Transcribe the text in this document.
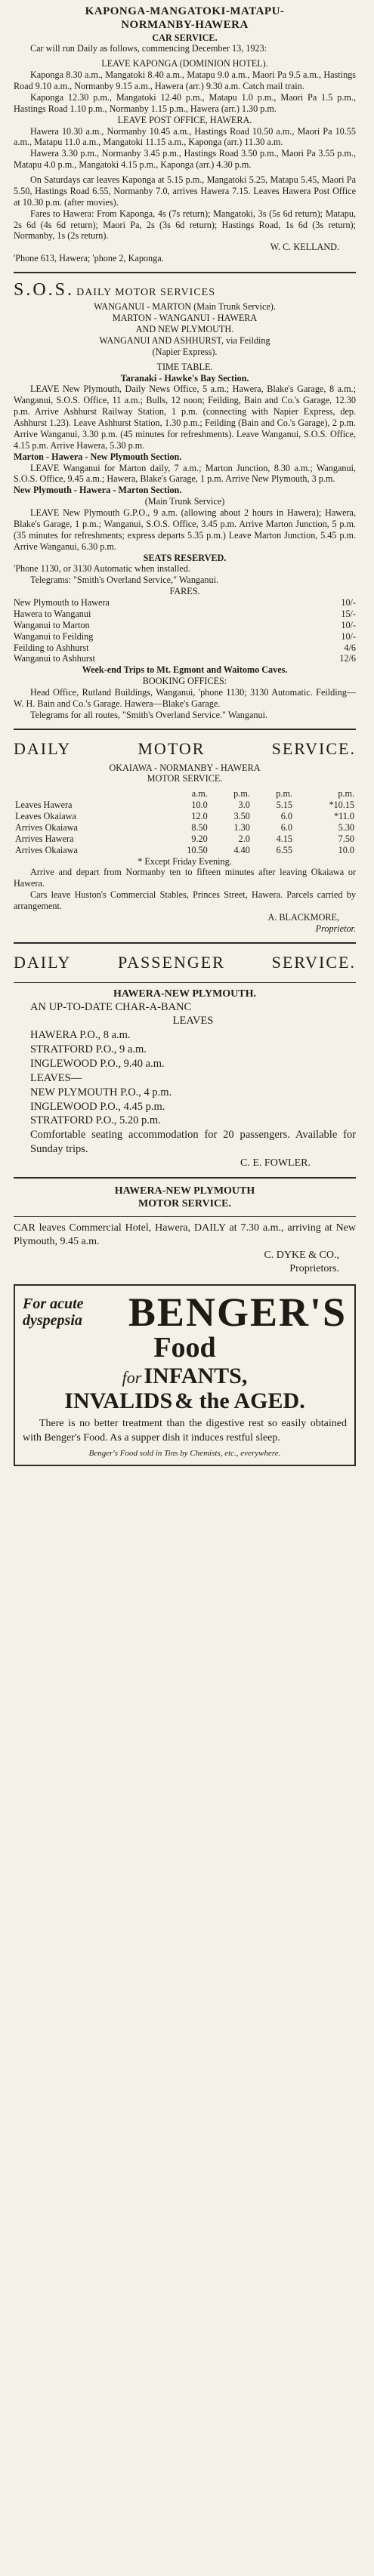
KAPONGA-MANGATOKI-MATAPU-
NORMANBY-HAWERA
CAR SERVICE.

Car will run Daily as follows, commencing December 13, 1923:

LEAVE KAPONGA (DOMINION HOTEL).

Kaponga 8.30 a.m., Mangatoki 8.40 a.m., Matapu 9.0 a.m., Maori Pa 9.5 a.m., Hastings Road 9.10 a.m., Normanby 9.15 a.m., Hawera (arr.) 9.30 a.m. Catch mail train.

Kaponga 12.30 p.m., Mangatoki 12.40 p.m., Matapu 1.0 p.m., Maori Pa 1.5 p.m., Hastings Road 1.10 p.m., Normanby 1.15 p.m., Hawera (arr.) 1.30 p.m.

LEAVE POST OFFICE, HAWERA.

Hawera 10.30 a.m., Normanby 10.45 a.m., Hastings Road 10.50 a.m., Maori Pa 10.55 a.m., Matapu 11.0 a.m., Mangatoki 11.15 a.m., Kaponga (arr.) 11.30 a.m.

Hawera 3.30 p.m., Normanby 3.45 p.m., Hastings Road 3.50 p.m., Maori Pa 3.55 p.m., Matapu 4.0 p.m., Mangatoki 4.15 p.m., Kaponga (arr.) 4.30 p.m.

On Saturdays car leaves Kaponga at 5.15 p.m., Mangatoki 5.25, Matapu 5.45, Maori Pa 5.50, Hastings Road 6.55, Normanby 7.0, arrives Hawera 7.15. Leaves Hawera Post Office at 10.30 p.m. (after movies).

Fares to Hawera: From Kaponga, 4s (7s return); Mangatoki, 3s (5s 6d return); Matapu, 2s 6d (4s 6d return); Maori Pa, 2s (3s 6d return); Hastings Road, 1s 6d (3s return); Normanby, 1s (2s return).

W. C. KELLAND.
'Phone 613, Hawera; 'phone 2, Kaponga.
S.O.S. DAILY MOTOR SERVICES
WANGANUI - MARTON (Main Trunk Service).
MARTON - WANGANUI - HAWERA
AND NEW PLYMOUTH.
WANGANUI AND ASHHURST, via Feilding
(Napier Express).
TIME TABLE.
Taranaki - Hawke's Bay Section.

LEAVE New Plymouth, Daily News Office, 5 a.m.; Hawera, Blake's Garage, 8 a.m.; Wanganui, S.O.S. Office, 11 a.m.; Bulls, 12 noon; Feilding, Bain and Co.'s Garage, 12.30 p.m. Arrive Ashhurst Railway Station, 1 p.m. (connecting with Napier Express, dep. Ashhurst 1.23). Leave Ashhurst Station, 1.30 p.m.; Feilding (Bain and Co.'s Garage), 2 p.m. Arrive Wanganui, 3.30 p.m. (45 minutes for refreshments). Leave Wanganui, S.O.S. Office, 4.15 p.m. Arrive Hawera, 5.30 p.m.

Marton - Hawera - New Plymouth Section.

LEAVE Wanganui for Marton daily, 7 a.m.; Marton Junction, 8.30 a.m.; Wanganui, S.O.S. Office, 9.45 a.m.; Hawera, Blake's Garage, 1 p.m. Arrive New Plymouth, 3 p.m.

New Plymouth - Hawera - Marton Section.
(Main Trunk Service)

LEAVE New Plymouth G.P.O., 9 a.m. (allowing about 2 hours in Hawera); Hawera, Blake's Garage, 1 p.m.; Wanganui, S.O.S. Office, 3.45 p.m. Arrive Marton Junction, 5 p.m. (35 minutes for refreshments; express departs 5.35 p.m.) Leave Marton Junction, 5.45 p.m. Arrive Wanganui, 6.30 p.m.

SEATS RESERVED.
'Phone 1130, or 3130 Automatic when installed.

Telegrams: "Smith's Overland Service," Wanganui.

FARES.
New Plymouth to Hawera	10/-
Hawera to Wanganui	15/-
Wanganui to Marton	10/-
Wanganui to Feilding	10/-
Feilding to Ashhurst	4/6
Wanganui to Ashhurst	12/6
Week-end Trips to Mt. Egmont and Waitomo Caves.
BOOKING OFFICES:

Head Office, Rutland Buildings, Wanganui, 'phone 1130; 3130 Automatic. Feilding—W. H. Bain and Co.'s Garage. Hawera—Blake's Garage.

Telegrams for all routes, "Smith's Overland Service." Wanganui.

DAILY	MOTOR	SERVICE.
OKAIAWA - NORMANBY - HAWERA
MOTOR SERVICE.
	a.m.	p.m.	p.m.	p.m.
Leaves Hawera	10.0	3.0	5.15	*10.15
Leaves Okaiawa	12.0	3.50	6.0	*11.0
Arrives Okaiawa	8.50	1.30	6.0	5.30
Arrives Hawera	9.20	2.0	4.15	7.50
Arrives Okaiawa	10.50	4.40	6.55	10.0
* Except Friday Evening.

Arrive and depart from Normanby ten to fifteen minutes after leaving Okaiawa or Hawera.

Cars leave Huston's Commercial Stables, Princes Street, Hawera. Parcels carried by arrangement.

A. BLACKMORE,
Proprietor.
DAILY	PASSENGER	SERVICE.
HAWERA-NEW PLYMOUTH.
AN UP-TO-DATE CHAR-A-BANC
LEAVES
HAWERA P.O., 8 a.m.
STRATFORD P.O., 9 a.m.
INGLEWOOD P.O., 9.40 a.m.
LEAVES—
NEW PLYMOUTH P.O., 4 p.m.
INGLEWOOD P.O., 4.45 p.m.
STRATFORD P.O., 5.20 p.m.

Comfortable seating accommodation for 20 passengers. Available for Sunday trips.

C. E. FOWLER.
HAWERA-NEW PLYMOUTH
MOTOR SERVICE.

CAR leaves Commercial Hotel, Hawera, DAILY at 7.30 a.m., arriving at New Plymouth, 9.45 a.m.

C. DYKE & CO.,
Proprietors.
For acute
dyspepsia BENGER'S
Food
for INFANTS,
INVALIDS & the AGED.

There is no better treatment than the digestive rest so easily obtained with Benger's Food. As a supper dish it induces restful sleep.

Benger's Food sold in Tins by Chemists, etc., everywhere.
